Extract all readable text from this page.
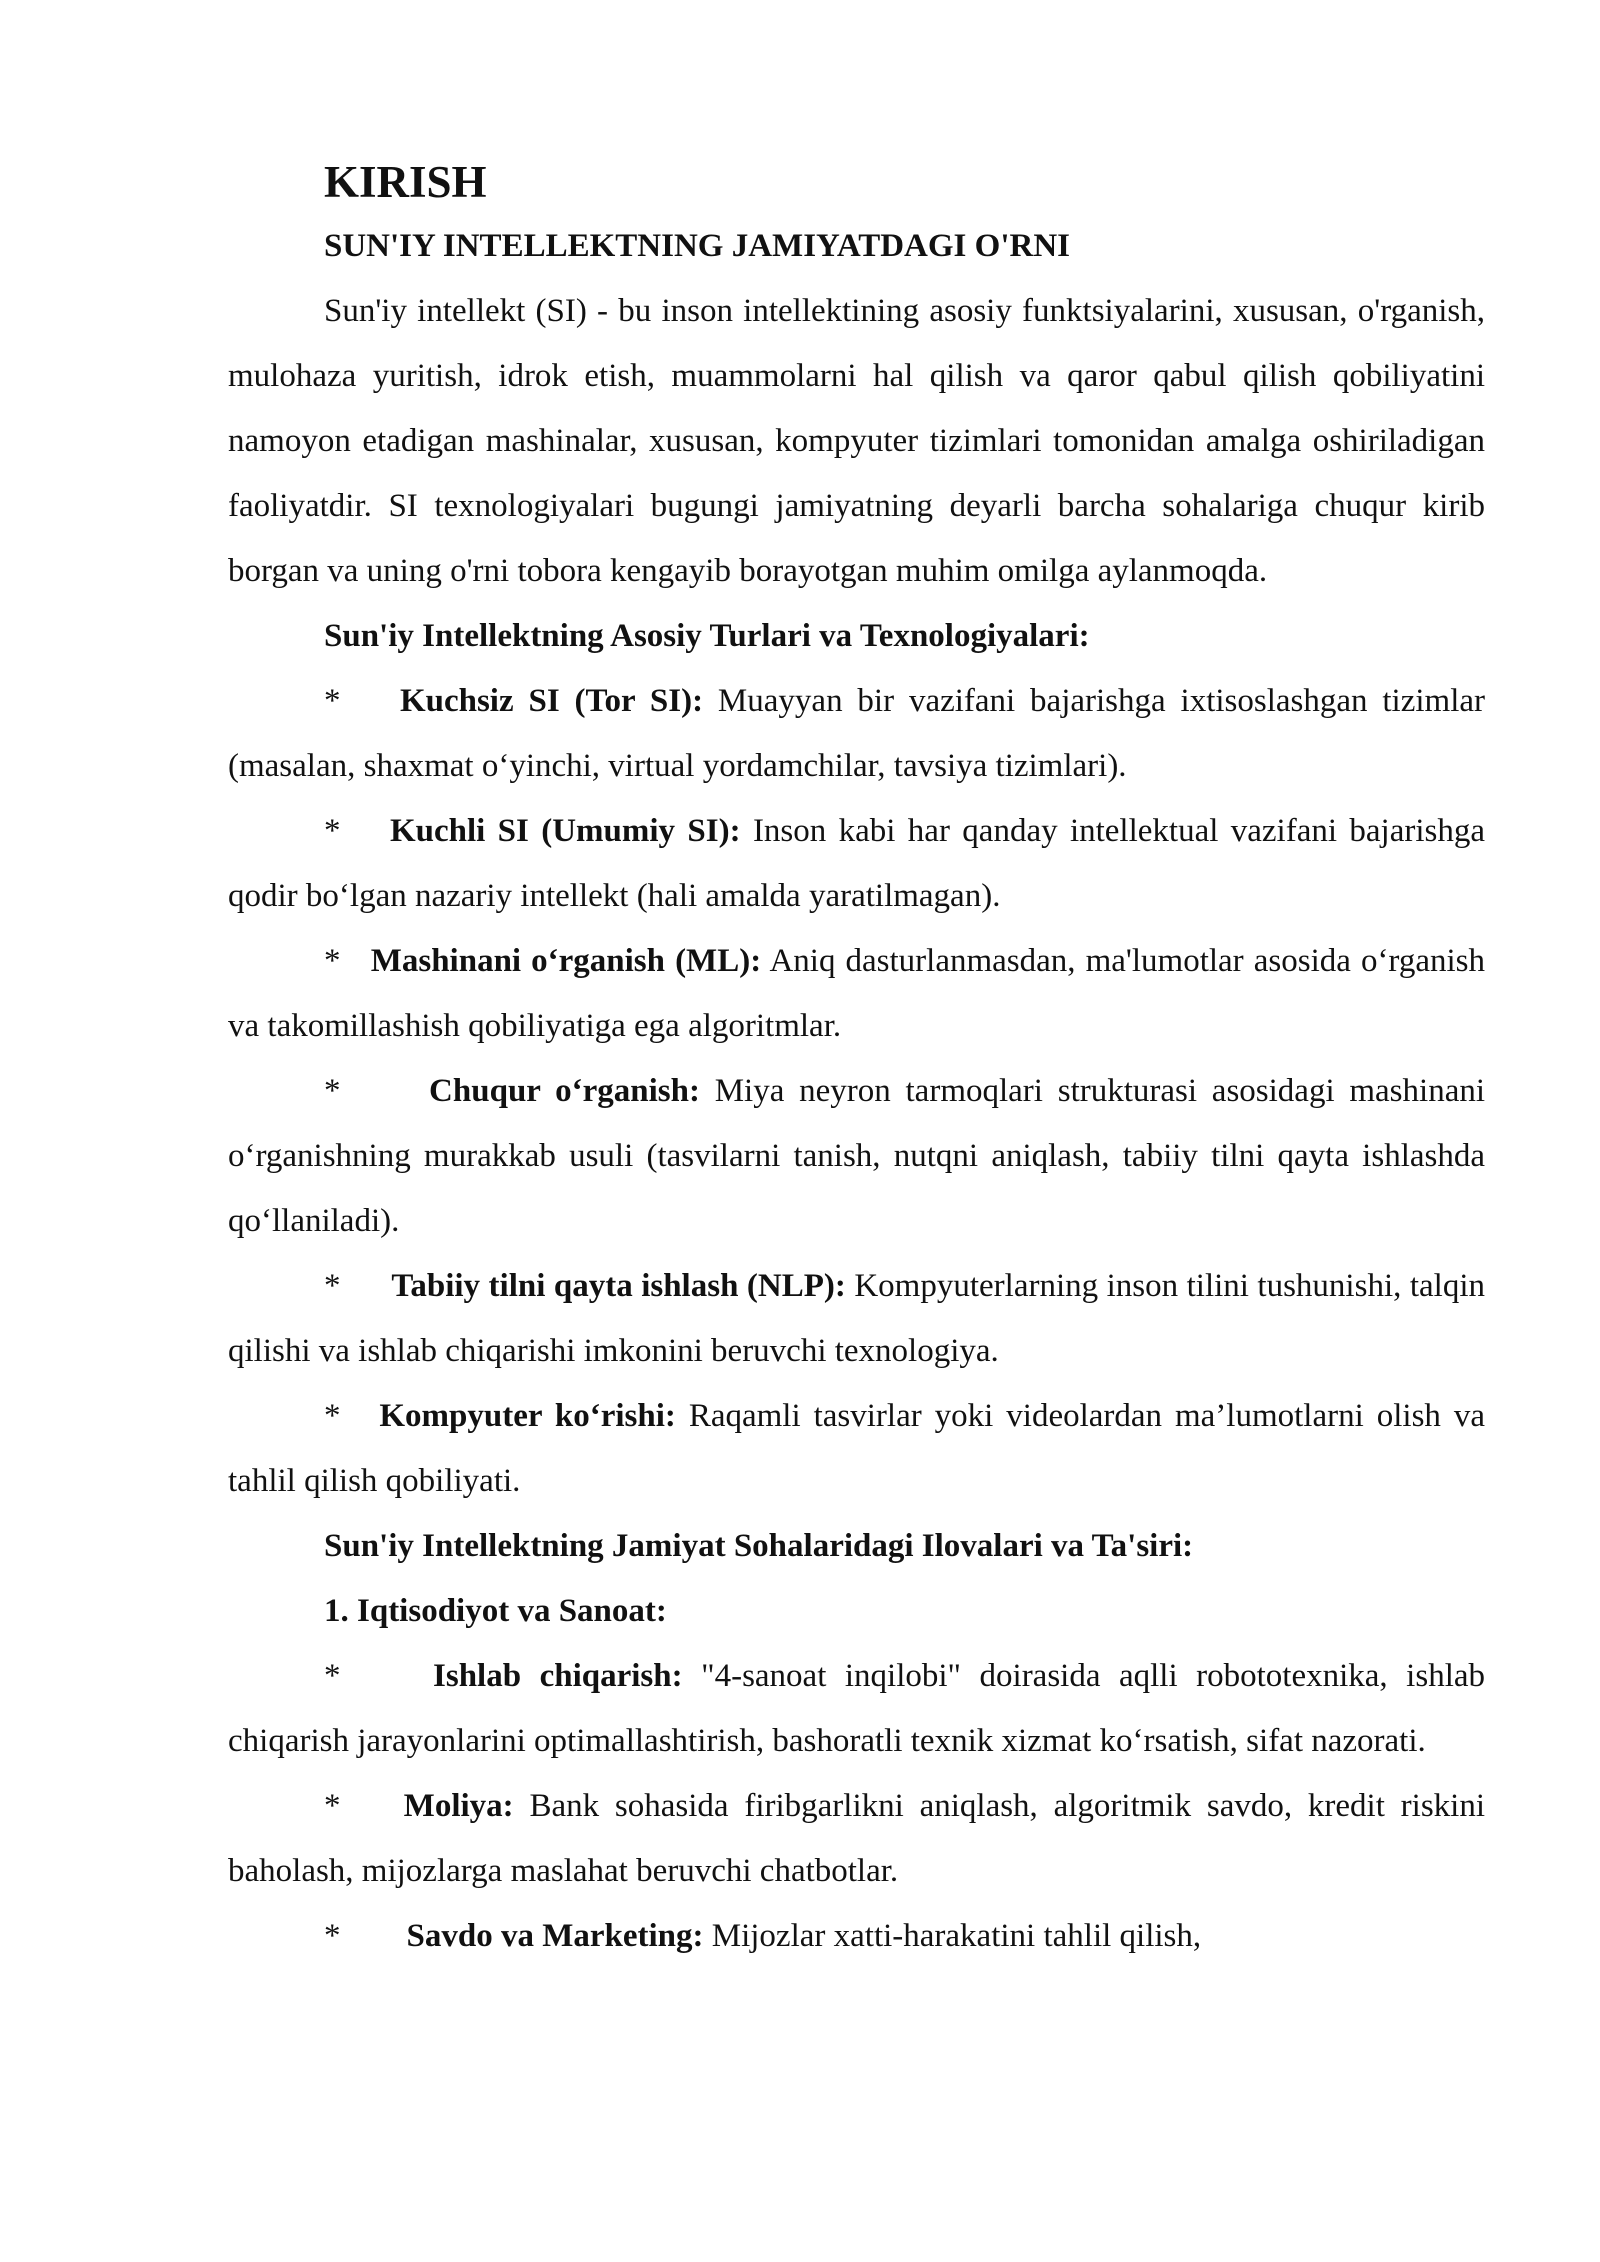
KIRISH
SUN'IY INTELLEKTNING JAMIYATDAGI O'RNI

Sun'iy intellekt (SI) - bu inson intellektining asosiy funktsiyalarini, xususan, o'rganish, mulohaza yuritish, idrok etish, muammolarni hal qilish va qaror qabul qilish qobiliyatini namoyon etadigan mashinalar, xususan, kompyuter tizimlari tomonidan amalga oshiriladigan faoliyatdir. SI texnologiyalari bugungi jamiyatning deyarli barcha sohalariga chuqur kirib borgan va uning o'rni tobora kengayib borayotgan muhim omilga aylanmoqda.

Sun'iy Intellektning Asosiy Turlari va Texnologiyalari:

* Kuchsiz SI (Tor SI): Muayyan bir vazifani bajarishga ixtisoslashgan tizimlar (masalan, shaxmat o‘yinchi, virtual yordamchilar, tavsiya tizimlari).

* Kuchli SI (Umumiy SI): Inson kabi har qanday intellektual vazifani bajarishga qodir bo‘lgan nazariy intellekt (hali amalda yaratilmagan).

* Mashinani o‘rganish (ML): Aniq dasturlanmasdan, ma'lumotlar asosida o‘rganish va takomillashish qobiliyatiga ega algoritmlar.

*	Chuqur o‘rganish: Miya neyron tarmoqlari strukturasi asosidagi mashinani o‘rganishning murakkab usuli (tasvilarni tanish, nutqni aniqlash, tabiiy tilni qayta ishlashda qo‘llaniladi).

* Tabiiy tilni qayta ishlash (NLP): Kompyuterlarning inson tilini tushunishi, talqin qilishi va ishlab chiqarishi imkonini beruvchi texnologiya.

* Kompyuter ko‘rishi: Raqamli tasvirlar yoki videolardan ma’lumotlarni olish va tahlil qilish qobiliyati.

Sun'iy Intellektning Jamiyat Sohalaridagi Ilovalari va Ta'siri:
1. Iqtisodiyot va Sanoat:

*	Ishlab chiqarish: "4-sanoat inqilobi" doirasida aqlli robototexnika, ishlab chiqarish jarayonlarini optimallashtirish, bashoratli texnik xizmat ko‘rsatish, sifat nazorati.

* Moliya: Bank sohasida firibgarlikni aniqlash, algoritmik savdo, kredit riskini baholash, mijozlarga maslahat beruvchi chatbotlar.

* Savdo va Marketing: Mijozlar xatti-harakatini tahlil qilish,
